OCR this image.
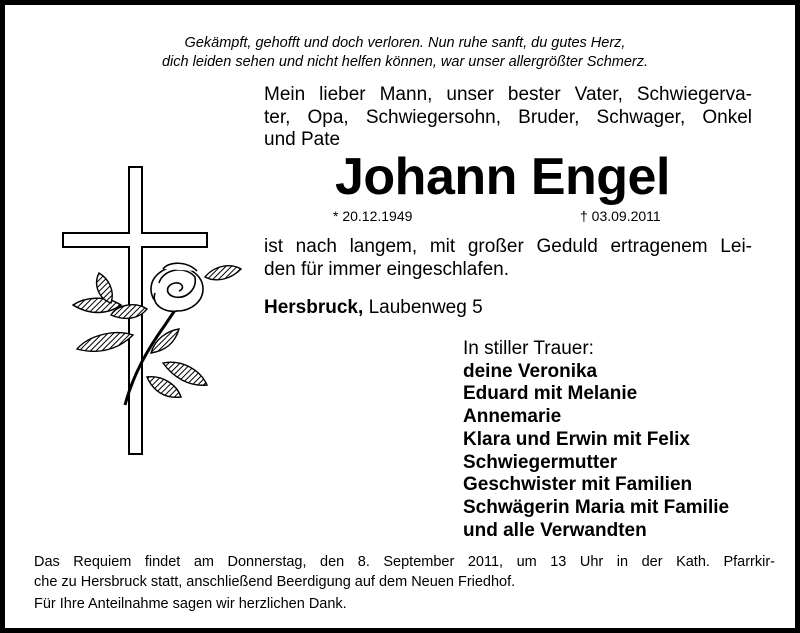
Gekämpft, gehofft und doch verloren. Nun ruhe sanft, du gutes Herz,
dich leiden sehen und nicht helfen können, war unser allergrößter Schmerz.
Mein lieber Mann, unser bester Vater, Schwiegerva-
ter, Opa, Schwiegersohn, Bruder, Schwager, Onkel
und Pate
Johann Engel
* 20.12.1949	† 03.09.2011
ist nach langem, mit großer Geduld ertragenem Lei-
den für immer eingeschlafen.
Hersbruck, Laubenweg 5
In stiller Trauer:
deine Veronika
Eduard mit Melanie
Annemarie
Klara und Erwin mit Felix
Schwiegermutter
Geschwister mit Familien
Schwägerin Maria mit Familie
und alle Verwandten
Das Requiem findet am Donnerstag, den 8. September 2011, um 13 Uhr in der Kath. Pfarrkir-
che zu Hersbruck statt, anschließend Beerdigung auf dem Neuen Friedhof.
Für Ihre Anteilnahme sagen wir herzlichen Dank.
